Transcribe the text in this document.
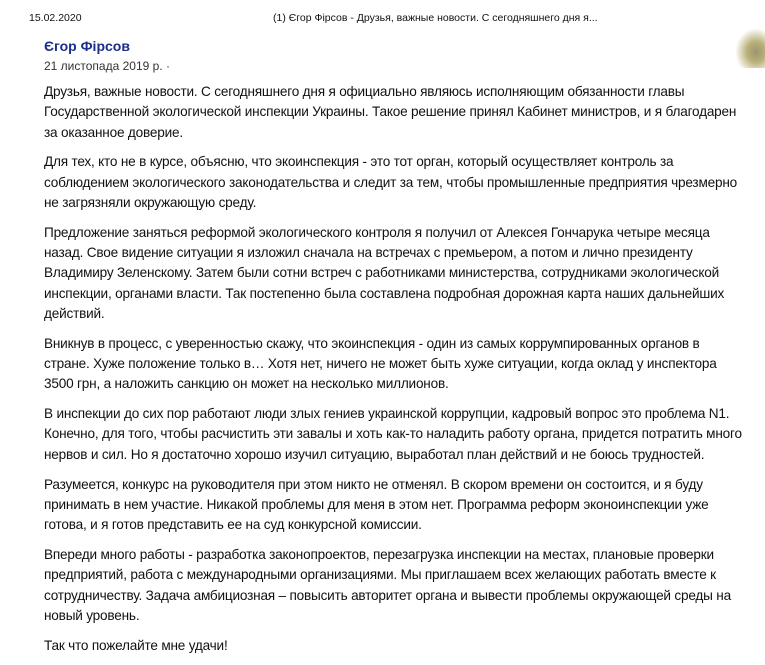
15.02.2020	(1) Єгор Фірсов - Друзья, важные новости. С сегодняшнего дня я...
Єгор Фірсов
21 листопада 2019 р. ·

Друзья, важные новости. С сегодняшнего дня я официально являюсь исполняющим обязанности главы Государственной экологической инспекции Украины. Такое решение принял Кабинет министров, и я благодарен за оказанное доверие.

Для тех, кто не в курсе, объясню, что экоинспекция - это тот орган, который осуществляет контроль за соблюдением экологического законодательства и следит за тем, чтобы промышленные предприятия чрезмерно не загрязняли окружающую среду.

Предложение заняться реформой экологического контроля я получил от Алексея Гончарука четыре месяца назад. Свое видение ситуации я изложил сначала на встречах с премьером, а потом и лично президенту Владимиру Зеленскому. Затем были сотни встреч с работниками министерства, сотрудниками экологической инспекции, органами власти. Так постепенно была составлена подробная дорожная карта наших дальнейших действий.

Вникнув в процесс, с уверенностью скажу, что экоинспекция - один из самых коррумпированных органов в стране. Хуже положение только в… Хотя нет, ничего не может быть хуже ситуации, когда оклад у инспектора 3500 грн, а наложить санкцию он может на несколько миллионов.

В инспекции до сих пор работают люди злых гениев украинской коррупции, кадровый вопрос это проблема N1. Конечно, для того, чтобы расчистить эти завалы и хоть как-то наладить работу органа, придется потратить много нервов и сил. Но я достаточно хорошо изучил ситуацию, выработал план действий и не боюсь трудностей.

Разумеется, конкурс на руководителя при этом никто не отменял. В скором времени он состоится, и я буду принимать в нем участие. Никакой проблемы для меня в этом нет. Программа реформ эконоинспекции уже готова, и я готов представить ее на суд конкурсной комиссии.

Впереди много работы - разработка законопроектов, перезагрузка инспекции на местах, плановые проверки предприятий, работа с международными организациями. Мы приглашаем всех желающих работать вместе к сотрудничеству. Задача амбициозная – повысить авторитет органа и вывести проблемы окружающей среды на новый уровень.

Так что пожелайте мне удачи!
